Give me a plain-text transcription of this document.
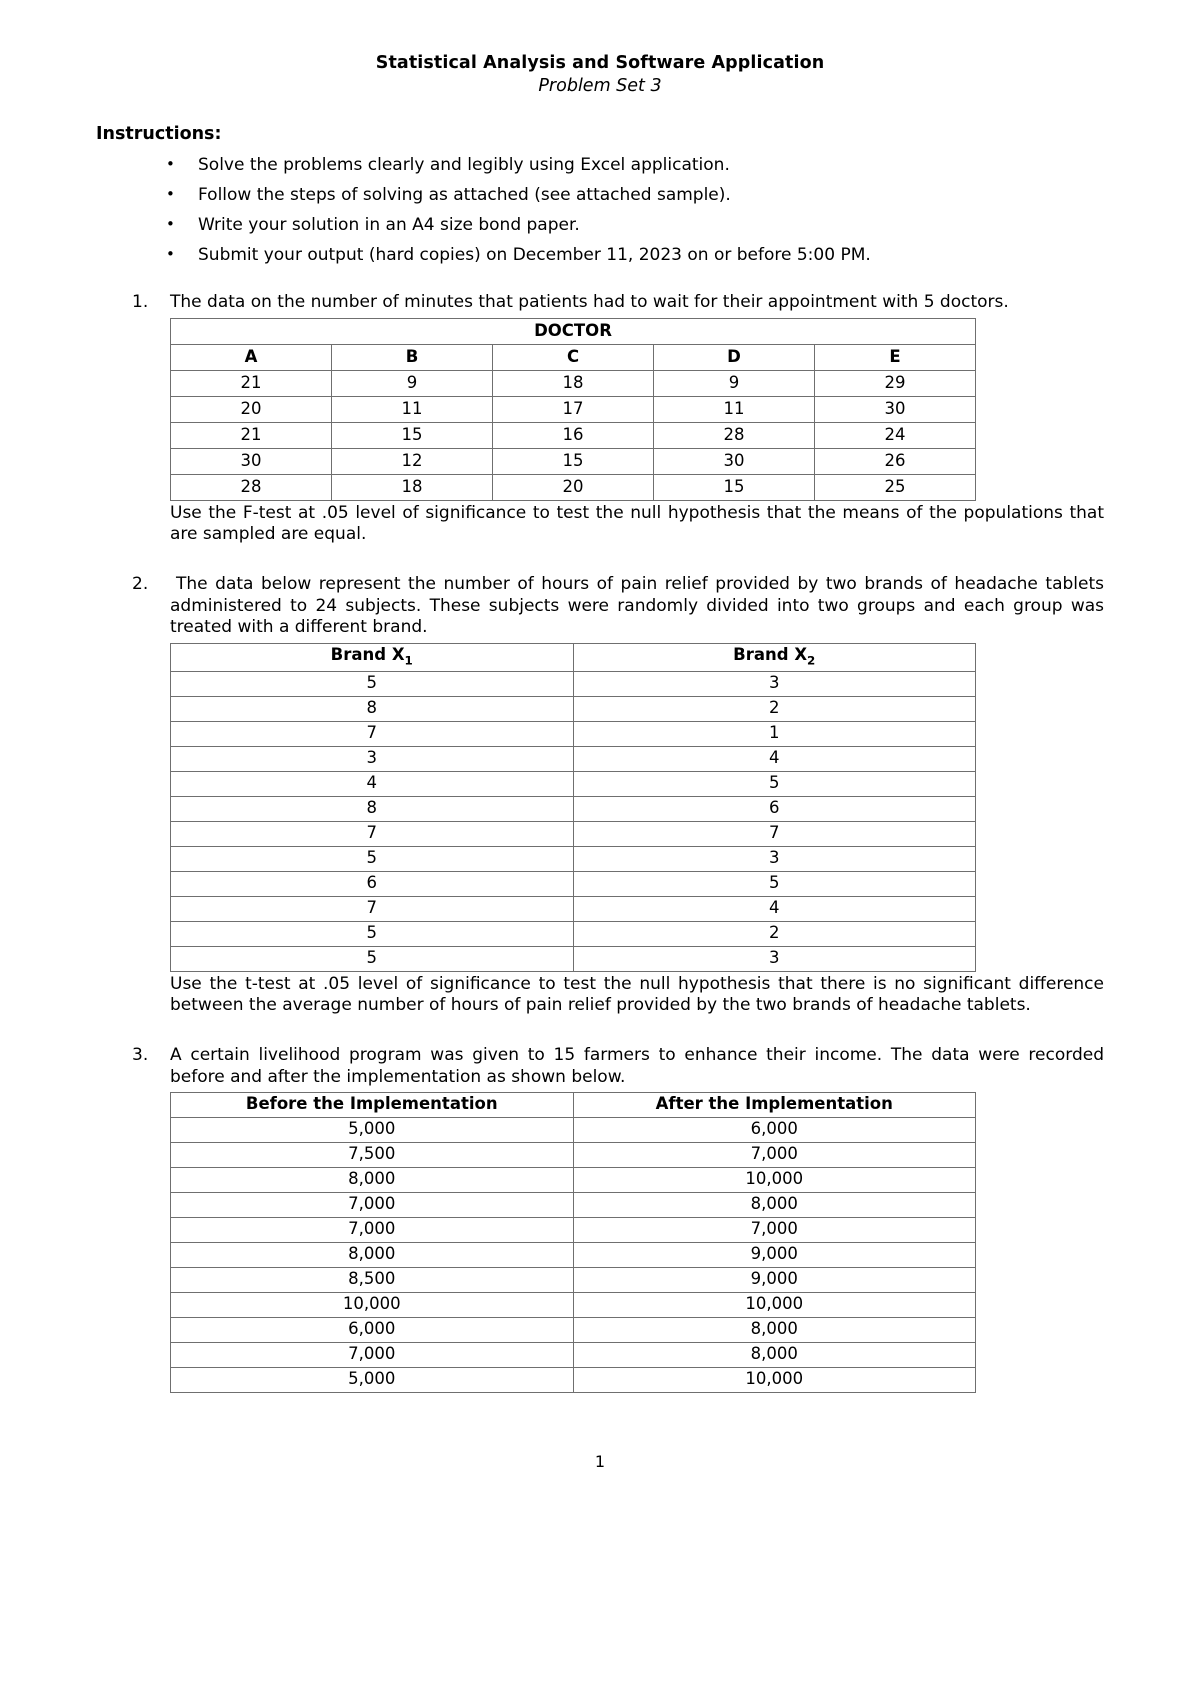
Statistical Analysis and Software Application
Problem Set 3
Instructions:
• Solve the problems clearly and legibly using Excel application.
• Follow the steps of solving as attached (see attached sample).
• Write your solution in an A4 size bond paper.
• Submit your output (hard copies) on December 11, 2023 on or before 5:00 PM.
1. The data on the number of minutes that patients had to wait for their appointment with 5 doctors.
DOCTOR				
A	B	C	D	E
21	9	18	9	29
20	11	17	11	30
21	15	16	28	24
30	12	15	30	26
28	18	20	15	25
Use the F-test at .05 level of significance to test the null hypothesis that the means of the populations that are sampled are equal.
2.	The data below represent the number of hours of pain relief provided by two brands of headache tablets administered to 24 subjects. These subjects were randomly divided into two groups and each group was treated with a different brand.
Brand $X_1$	Brand $X_2$
5	3
8	2
7	1
3	4
4	5
8	6
7	7
5	3
6	5
7	4
5	2
5	3
Use the t-test at .05 level of significance to test the null hypothesis that there is no significant difference between the average number of hours of pain relief provided by the two brands of headache tablets.
3. A certain livelihood program was given to 15 farmers to enhance their income. The data were recorded before and after the implementation as shown below.
Before the Implementation	After the Implementation
5,000	6,000
7,500	7,000
8,000	10,000
7,000	8,000
7,000	7,000
8,000	9,000
8,500	9,000
10,000	10,000
6,000	8,000
7,000	8,000
5,000	10,000
1
